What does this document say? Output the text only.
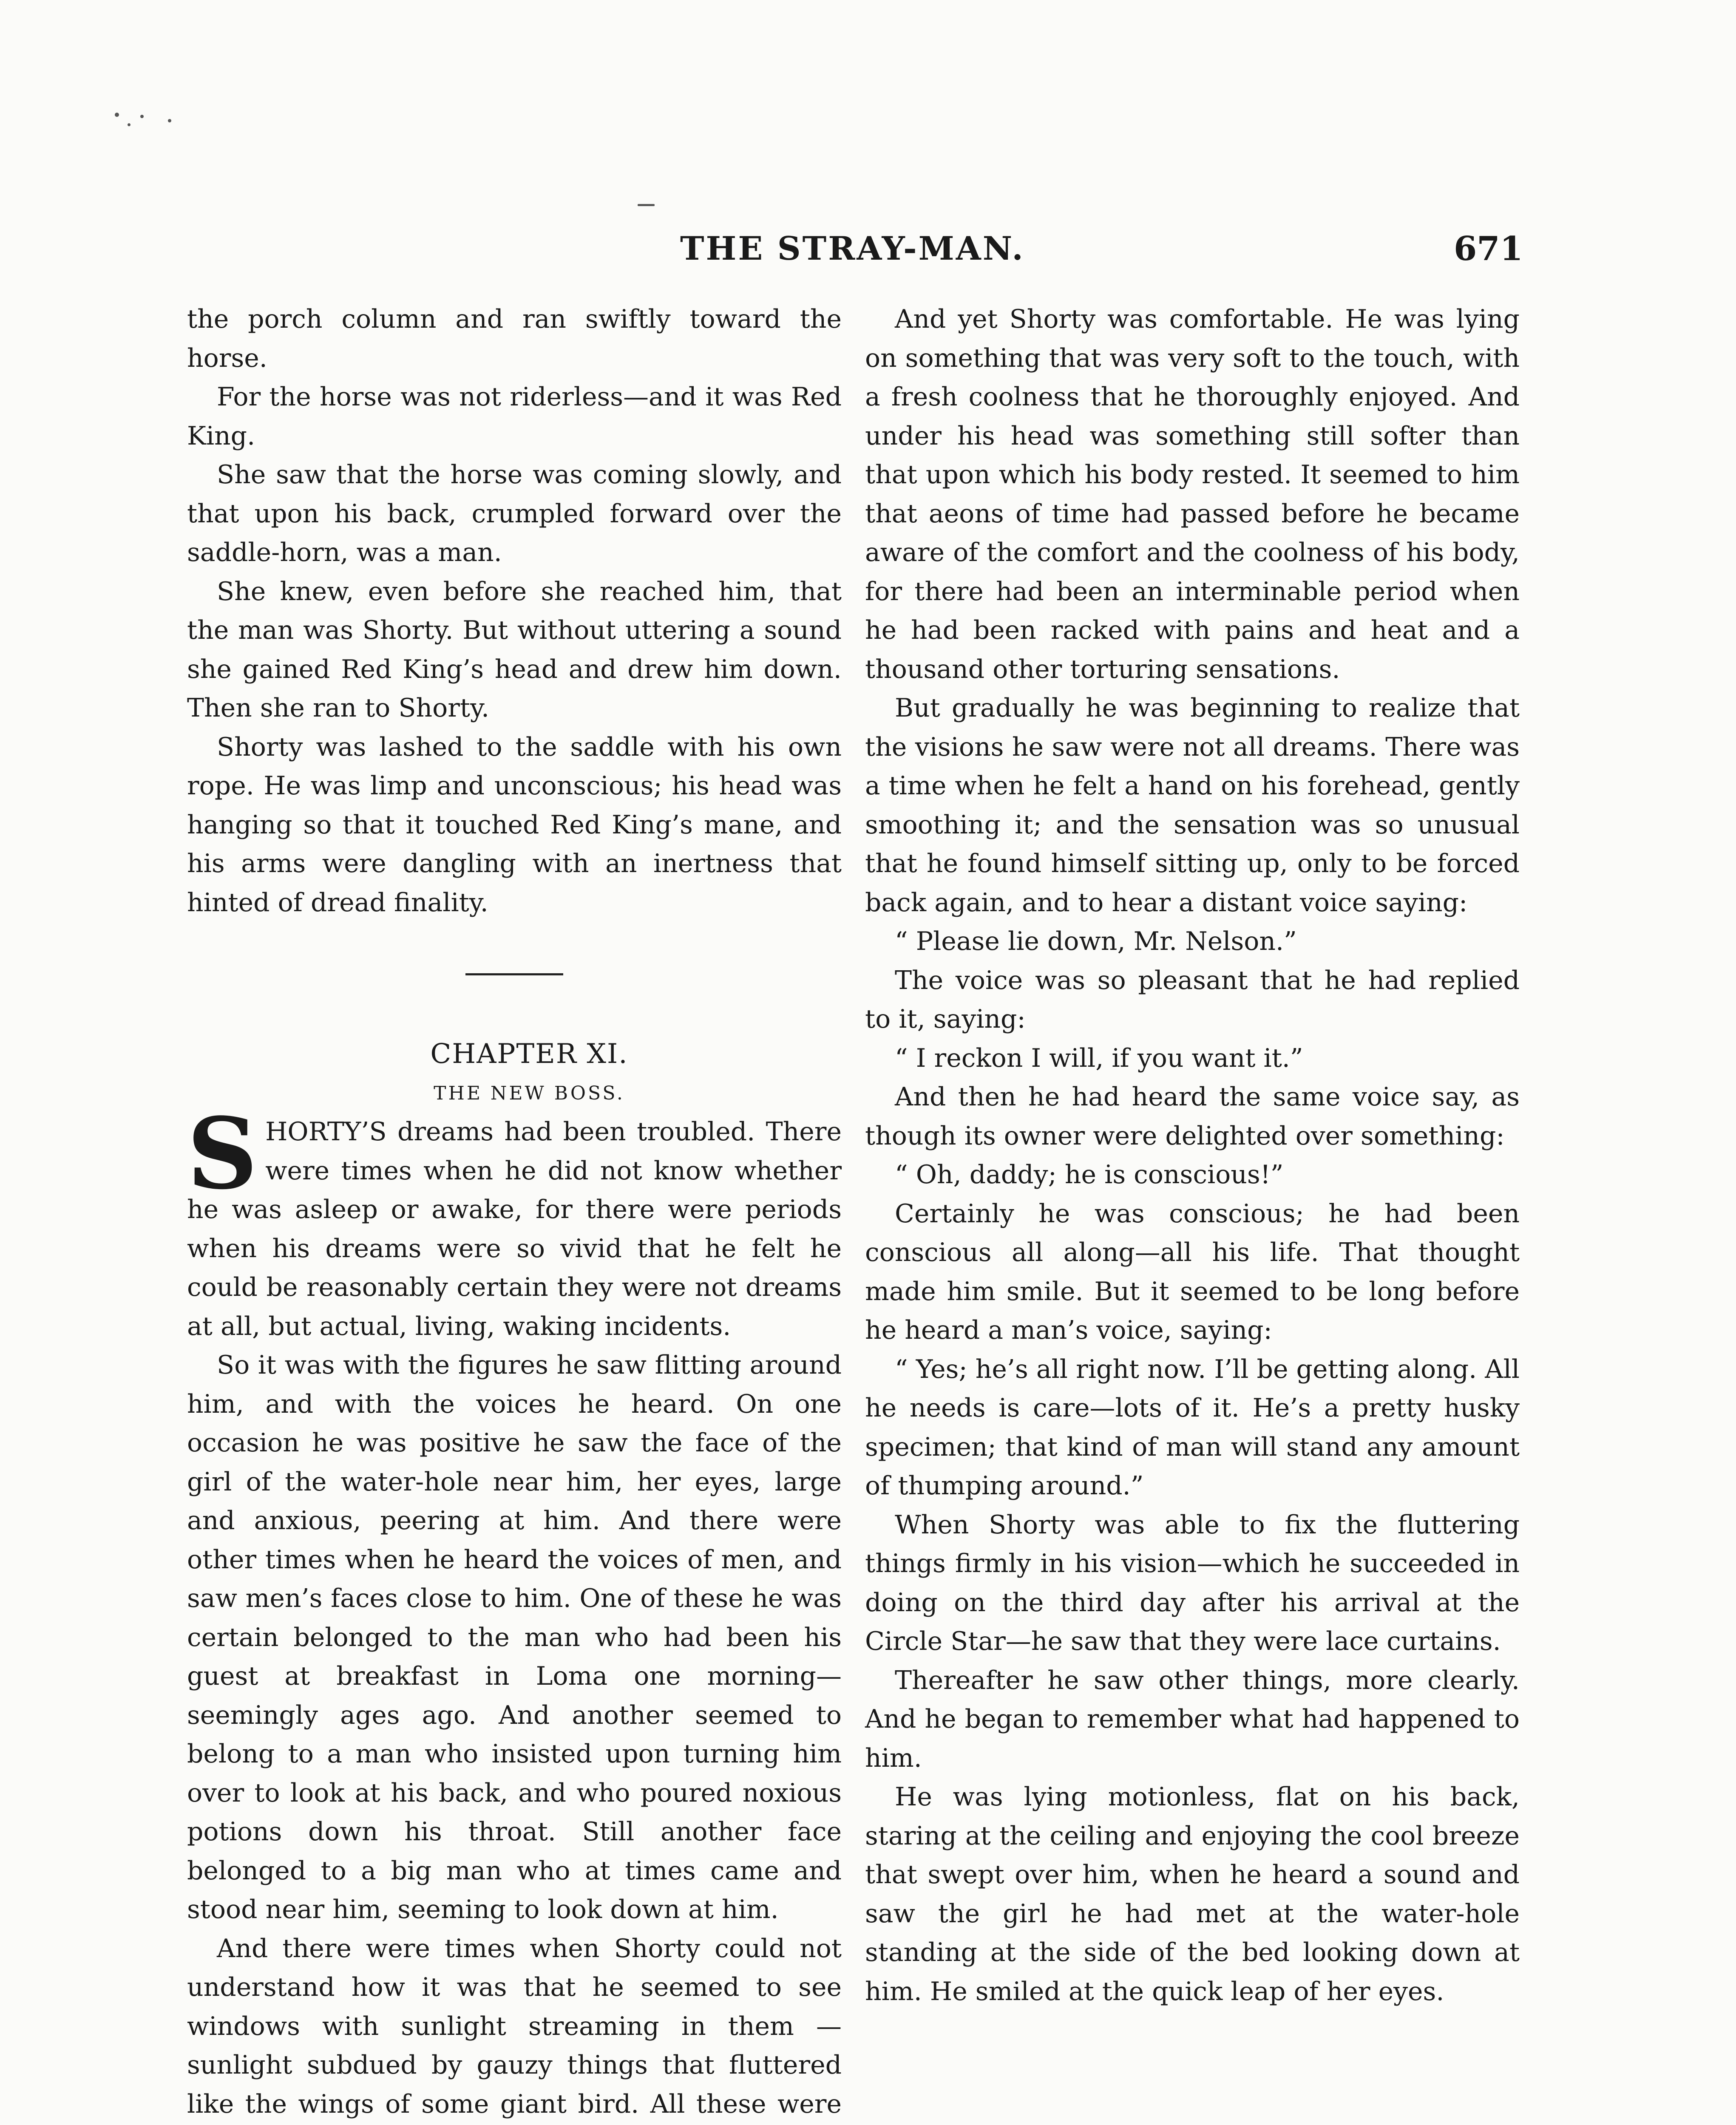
THE STRAY-MAN.	671

the porch column and ran swiftly toward the horse.

For the horse was not riderless—and it was Red King.

She saw that the horse was coming slowly, and that upon his back, crumpled forward over the saddle-horn, was a man.

She knew, even before she reached him, that the man was Shorty. But without uttering a sound she gained Red King’s head and drew him down. Then she ran to Shorty.

Shorty was lashed to the saddle with his own rope. He was limp and unconscious; his head was hanging so that it touched Red King’s mane, and his arms were dangling with an inertness that hinted of dread finality.

CHAPTER XI.

THE NEW BOSS.

SHORTY’S dreams had been troubled. There were times when he did not know whether he was asleep or awake, for there were periods when his dreams were so vivid that he felt he could be reasonably certain they were not dreams at all, but actual, living, waking incidents.

So it was with the figures he saw flitting around him, and with the voices he heard. On one occasion he was positive he saw the face of the girl of the water-hole near him, her eyes, large and anxious, peering at him. And there were other times when he heard the voices of men, and saw men’s faces close to him. One of these he was certain belonged to the man who had been his guest at breakfast in Loma one morning—seemingly ages ago. And another seemed to belong to a man who insisted upon turning him over to look at his back, and who poured noxious potions down his throat. Still another face belonged to a big man who at times came and stood near him, seeming to look down at him.

And there were times when Shorty could not understand how it was that he seemed to see windows with sunlight streaming in them — sunlight subdued by gauzy things that fluttered like the wings of some giant bird. All these were

And yet Shorty was comfortable. He was lying on something that was very soft to the touch, with a fresh coolness that he thoroughly enjoyed. And under his head was something still softer than that upon which his body rested. It seemed to him that aeons of time had passed before he became aware of the comfort and the coolness of his body, for there had been an interminable period when he had been racked with pains and heat and a thousand other torturing sensations.

But gradually he was beginning to realize that the visions he saw were not all dreams. There was a time when he felt a hand on his forehead, gently smoothing it; and the sensation was so unusual that he found himself sitting up, only to be forced back again, and to hear a distant voice saying:

“ Please lie down, Mr. Nelson.”

The voice was so pleasant that he had replied to it, saying:

“ I reckon I will, if you want it.”

And then he had heard the same voice say, as though its owner were delighted over something:

“ Oh, daddy; he is conscious!”

Certainly he was conscious; he had been conscious all along—all his life. That thought made him smile. But it seemed to be long before he heard a man’s voice, saying:

“ Yes; he’s all right now. I’ll be getting along. All he needs is care—lots of it. He’s a pretty husky specimen; that kind of man will stand any amount of thumping around.”

When Shorty was able to fix the fluttering things firmly in his vision—which he succeeded in doing on the third day after his arrival at the Circle Star—he saw that they were lace curtains.

Thereafter he saw other things, more clearly. And he began to remember what had happened to him.

He was lying motionless, flat on his back, staring at the ceiling and enjoying the cool breeze that swept over him, when he heard a sound and saw the girl he had met at the water-hole standing at the side of the bed looking down at him. He smiled at the quick leap of her eyes.
